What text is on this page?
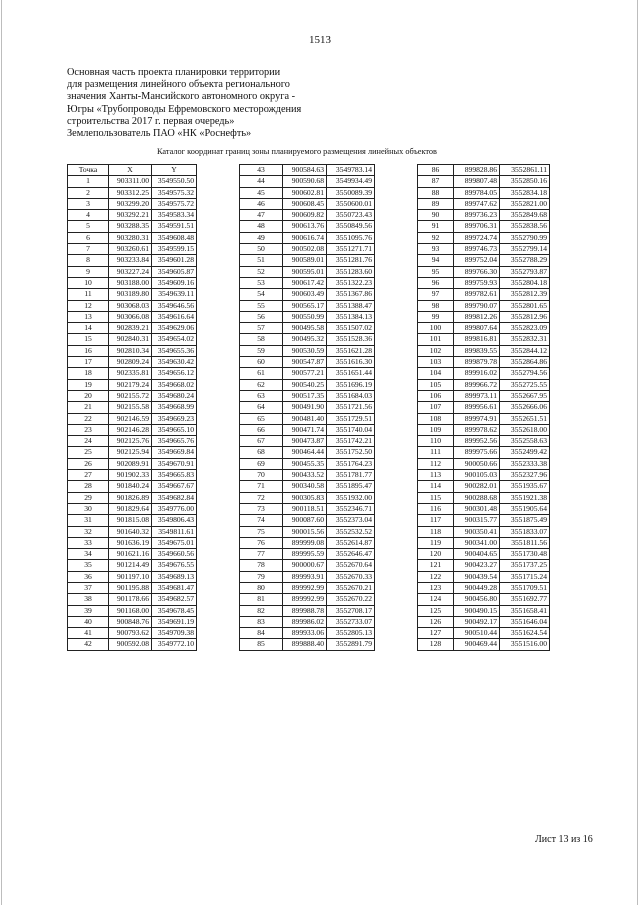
1513
Основная часть проекта планировки территории
для размещения линейного объекта регионального
значения Ханты-Мансийского автономного округа -
Югры «Трубопроводы Ефремовского месторождения
строительства 2017 г. первая очередь»
Землепользователь ПАО «НК «Роснефть»
Каталог координат границ зоны планируемого размещения линейных объектов
Точка	X	Y
1	903311.00	3549550.50
2	903312.25	3549575.32
3	903299.20	3549575.72
4	903292.21	3549583.34
5	903288.35	3549591.51
6	903280.31	3549608.48
7	903260.61	3549599.15
8	903233.84	3549601.28
9	903227.24	3549605.87
10	903188.00	3549609.16
11	903189.80	3549639.11
12	903068.03	3549646.56
13	903066.08	3549616.64
14	902839.21	3549629.06
15	902840.31	3549654.02
16	902810.34	3549655.36
17	902809.24	3549630.42
18	902335.81	3549656.12
19	902179.24	3549668.02
20	902155.72	3549680.24
21	902155.58	3549668.99
22	902146.59	3549669.23
23	902146.28	3549665.10
24	902125.76	3549665.76
25	902125.94	3549669.84
26	902089.91	3549670.91
27	901902.33	3549665.83
28	901840.24	3549667.67
29	901826.89	3549682.84
30	901829.64	3549776.00
31	901815.08	3549806.43
32	901640.32	3549811.61
33	901636.19	3549675.01
34	901621.16	3549660.56
35	901214.49	3549676.55
36	901197.10	3549689.13
37	901195.88	3549681.47
38	901178.66	3549682.57
39	901168.00	3549678.45
40	900848.76	3549691.19
41	900793.62	3549709.38
42	900592.08	3549772.10
43	900584.63	3549783.14
44	900590.68	3549934.49
45	900602.81	3550089.39
46	900608.45	3550600.01
47	900609.82	3550723.43
48	900613.76	3550849.56
49	900616.74	3551095.76
50	900502.08	3551271.71
51	900589.01	3551281.76
52	900595.01	3551283.60
53	900617.42	3551322.23
54	900603.49	3551367.86
55	900565.17	3551388.47
56	900550.99	3551384.13
57	900495.58	3551507.02
58	900495.32	3551528.36
59	900530.59	3551621.28
60	900547.87	3551616.30
61	900577.21	3551651.44
62	900540.25	3551696.19
63	900517.35	3551684.03
64	900491.90	3551721.56
65	900481.40	3551729.51
66	900471.74	3551740.04
67	900473.87	3551742.21
68	900464.44	3551752.50
69	900455.35	3551764.23
70	900433.52	3551781.77
71	900340.58	3551895.47
72	900305.83	3551932.00
73	900118.51	3552346.71
74	900087.60	3552373.04
75	900015.56	3552532.52
76	899999.08	3552614.87
77	899995.59	3552646.47
78	900000.67	3552670.64
79	899993.91	3552670.33
80	899992.99	3552670.21
81	899992.99	3552670.22
82	899988.78	3552708.17
83	899986.02	3552733.07
84	899933.06	3552805.13
85	899888.40	3552891.79
86	899828.86	3552861.11
87	899807.48	3552850.16
88	899784.05	3552834.18
89	899747.62	3552821.00
90	899736.23	3552849.68
91	899706.31	3552838.56
92	899724.74	3552790.99
93	899746.73	3552799.14
94	899752.04	3552788.29
95	899766.30	3552793.87
96	899759.93	3552804.18
97	899782.61	3552812.39
98	899790.07	3552801.65
99	899812.26	3552812.96
100	899807.64	3552823.09
101	899816.81	3552832.31
102	899839.55	3552844.12
103	899879.78	3552864.86
104	899916.02	3552794.56
105	899966.72	3552725.55
106	899973.11	3552667.95
107	899956.61	3552666.06
108	899974.91	3552651.51
109	899978.62	3552618.00
110	899952.56	3552558.63
111	899975.66	3552499.42
112	900050.66	3552333.38
113	900105.03	3552327.96
114	900282.01	3551935.67
115	900288.68	3551921.38
116	900301.48	3551905.64
117	900315.77	3551875.49
118	900350.41	3551833.07
119	900341.00	3551811.56
120	900404.65	3551730.48
121	900423.27	3551737.25
122	900439.54	3551715.24
123	900449.28	3551709.51
124	900456.80	3551692.77
125	900490.15	3551658.41
126	900492.17	3551646.04
127	900510.44	3551624.54
128	900469.44	3551516.00
Лист 13 из 16
